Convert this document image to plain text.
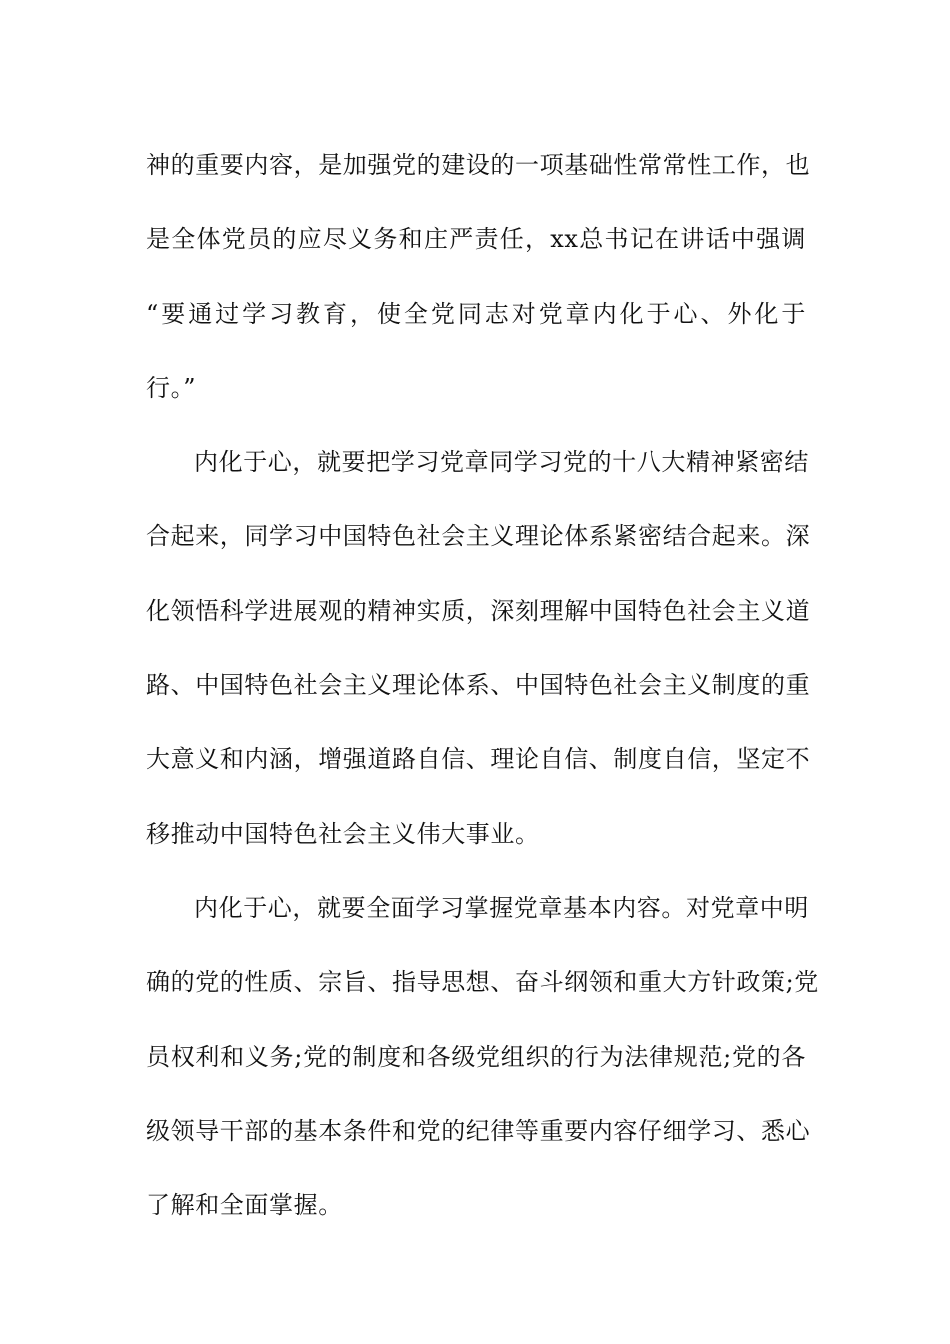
神的重要内容，是加强党的建设的一项基础性常常性工作，也
是全体党员的应尽义务和庄严责任，xx总书记在讲话中强调
“要通过学习教育，使全党同志对党章内化于心、外化于
行。”
内化于心，就要把学习党章同学习党的十八大精神紧密结
合起来，同学习中国特色社会主义理论体系紧密结合起来。深
化领悟科学进展观的精神实质，深刻理解中国特色社会主义道
路、中国特色社会主义理论体系、中国特色社会主义制度的重
大意义和内涵，增强道路自信、理论自信、制度自信，坚定不
移推动中国特色社会主义伟大事业。
内化于心，就要全面学习掌握党章基本内容。对党章中明
确的党的性质、宗旨、指导思想、奋斗纲领和重大方针政策;党
员权利和义务;党的制度和各级党组织的行为法律规范;党的各
级领导干部的基本条件和党的纪律等重要内容仔细学习、悉心
了解和全面掌握。
